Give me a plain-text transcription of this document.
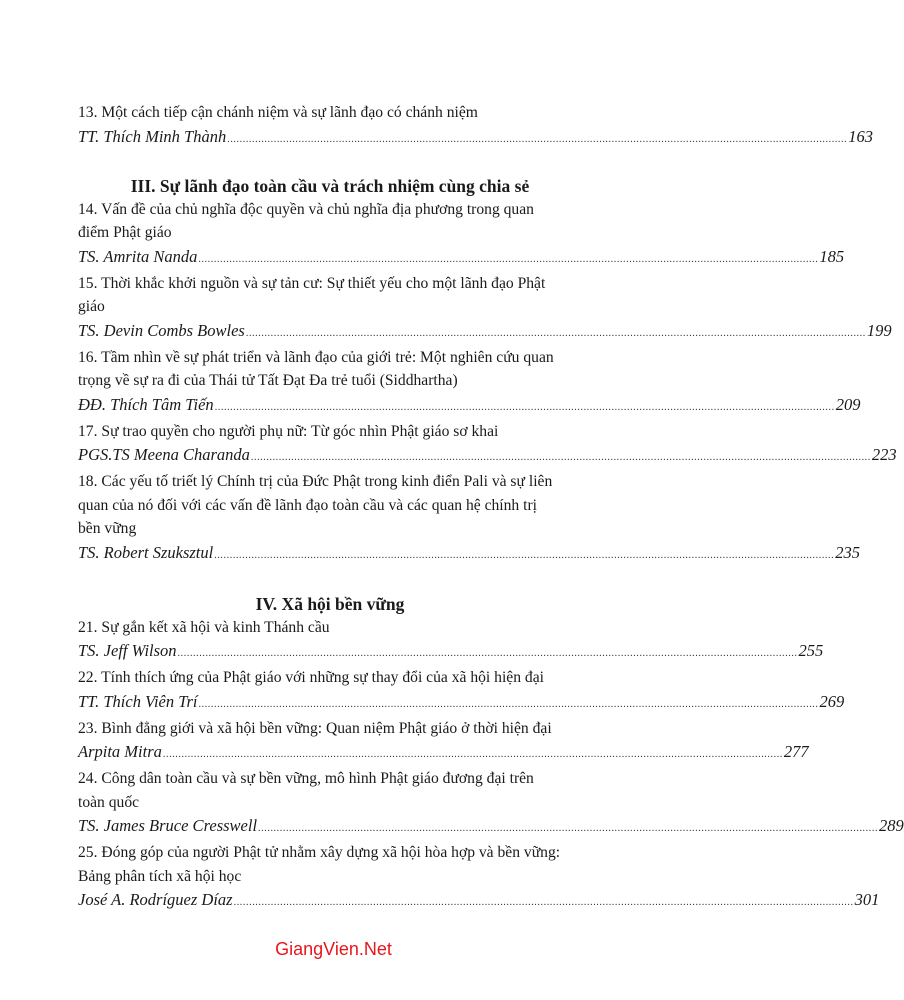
13. Một cách tiếp cận chánh niệm và sự lãnh đạo có chánh niệm
TT. Thích Minh Thành ........................................................................................................................................................................................................ 163
III. Sự lãnh đạo toàn cầu và trách nhiệm cùng chia sẻ
14. Vấn đề của chủ nghĩa độc quyền và chủ nghĩa địa phương trong quan
điểm Phật giáo
TS. Amrita Nanda ........................................................................................................................................................................................................ 185
15. Thời khắc khởi nguồn và sự tản cư: Sự thiết yếu cho một lãnh đạo Phật
giáo
TS. Devin Combs Bowles ........................................................................................................................................................................................................ 199
16. Tầm nhìn về sự phát triển và lãnh đạo của giới trẻ: Một nghiên cứu quan
trọng về sự ra đi của Thái tử Tất Đạt Đa trẻ tuổi (Siddhartha)
ĐĐ. Thích Tâm Tiến ........................................................................................................................................................................................................ 209
17. Sự trao quyền cho người phụ nữ: Từ góc nhìn Phật giáo sơ khai
PGS.TS Meena Charanda ........................................................................................................................................................................................................ 223
18. Các yếu tố triết lý Chính trị của Đức Phật trong kinh điển Pali và sự liên
quan của nó đối với các vấn đề lãnh đạo toàn cầu và các quan hệ chính trị
bền vững
TS. Robert Szuksztul ........................................................................................................................................................................................................ 235
IV. Xã hội bền vững
21. Sự gắn kết xã hội và kinh Thánh cầu
TS. Jeff Wilson ........................................................................................................................................................................................................ 255
22. Tính thích ứng của Phật giáo với những sự thay đổi của xã hội hiện đại
TT. Thích Viên Trí ........................................................................................................................................................................................................ 269
23. Bình đẳng giới và xã hội bền vững: Quan niệm Phật giáo ở thời hiện đại
Arpita Mitra ........................................................................................................................................................................................................ 277
24. Công dân toàn cầu và sự bền vững, mô hình Phật giáo đương đại trên
toàn quốc
TS. James Bruce Cresswell ........................................................................................................................................................................................................ 289
25. Đóng góp của người Phật tử nhằm xây dựng xã hội hòa hợp và bền vững:
Bảng phân tích xã hội học
José A. Rodríguez Díaz ........................................................................................................................................................................................................ 301
GiangVien.Net
